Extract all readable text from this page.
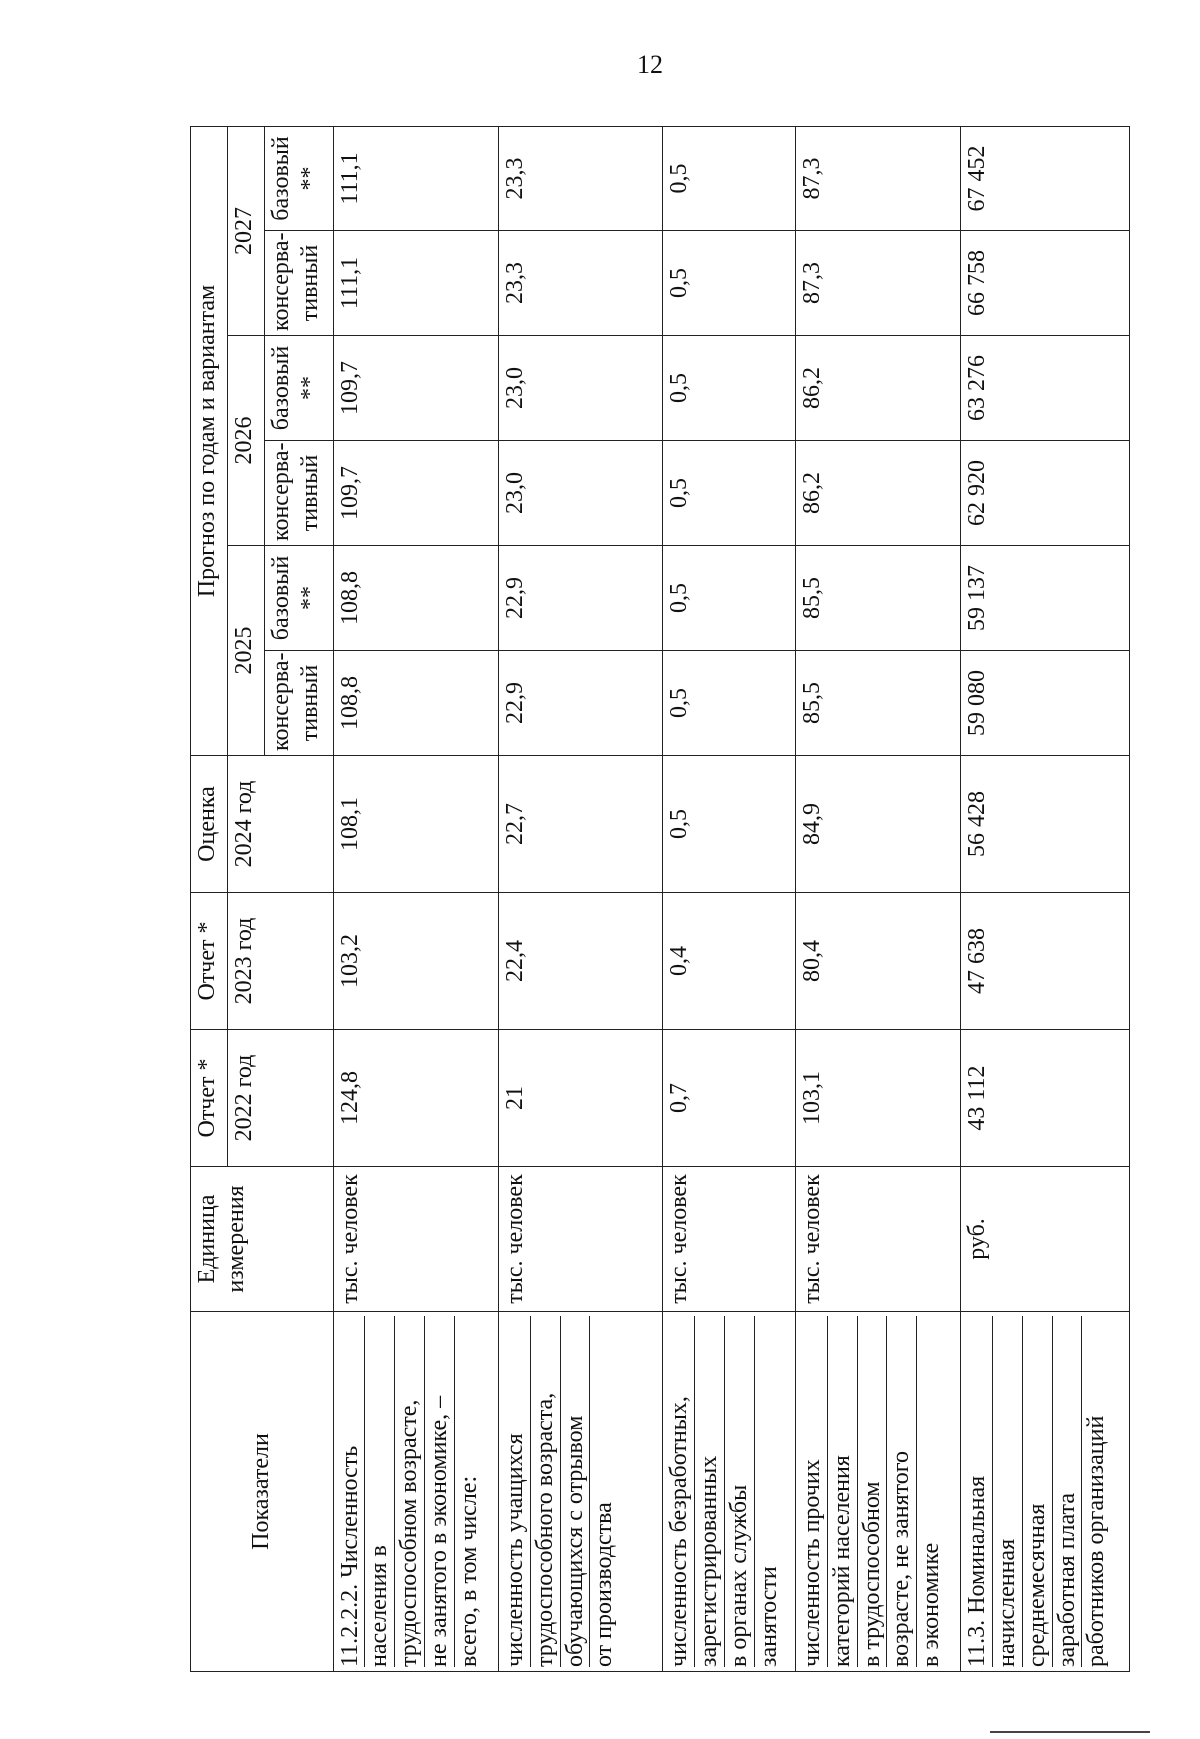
12
Показатели	Единица измерения	Отчет *	Отчет *	Оценка	Прогноз по годам и вариантам					
		2022 год	2023 год	2024 год	2025		2026		2027	
					консерва-тивный	базовый **	консерва-тивный	базовый **	консерва-тивный	базовый **

11.2.2.2. Численность населения в трудоспособном возрасте, не занятого в экономике, – всего, в том числе:	тыс. человек	124,8	103,2	108,1	108,8	108,8	109,7	109,7	111,1	111,1

численность учащихся трудоспособного возраста, обучающихся с отрывом от производства	тыс. человек	21	22,4	22,7	22,9	22,9	23,0	23,0	23,3	23,3

численность безработных, зарегистрированных в органах службы занятости	тыс. человек	0,7	0,4	0,5	0,5	0,5	0,5	0,5	0,5	0,5

численность прочих категорий населения в трудоспособном возрасте, не занятого в экономике	тыс. человек	103,1	80,4	84,9	85,5	85,5	86,2	86,2	87,3	87,3

11.3. Номинальная начисленная среднемесячная заработная плата работников организаций	руб.	43 112	47 638	56 428	59 080	59 137	62 920	63 276	66 758	67 452
